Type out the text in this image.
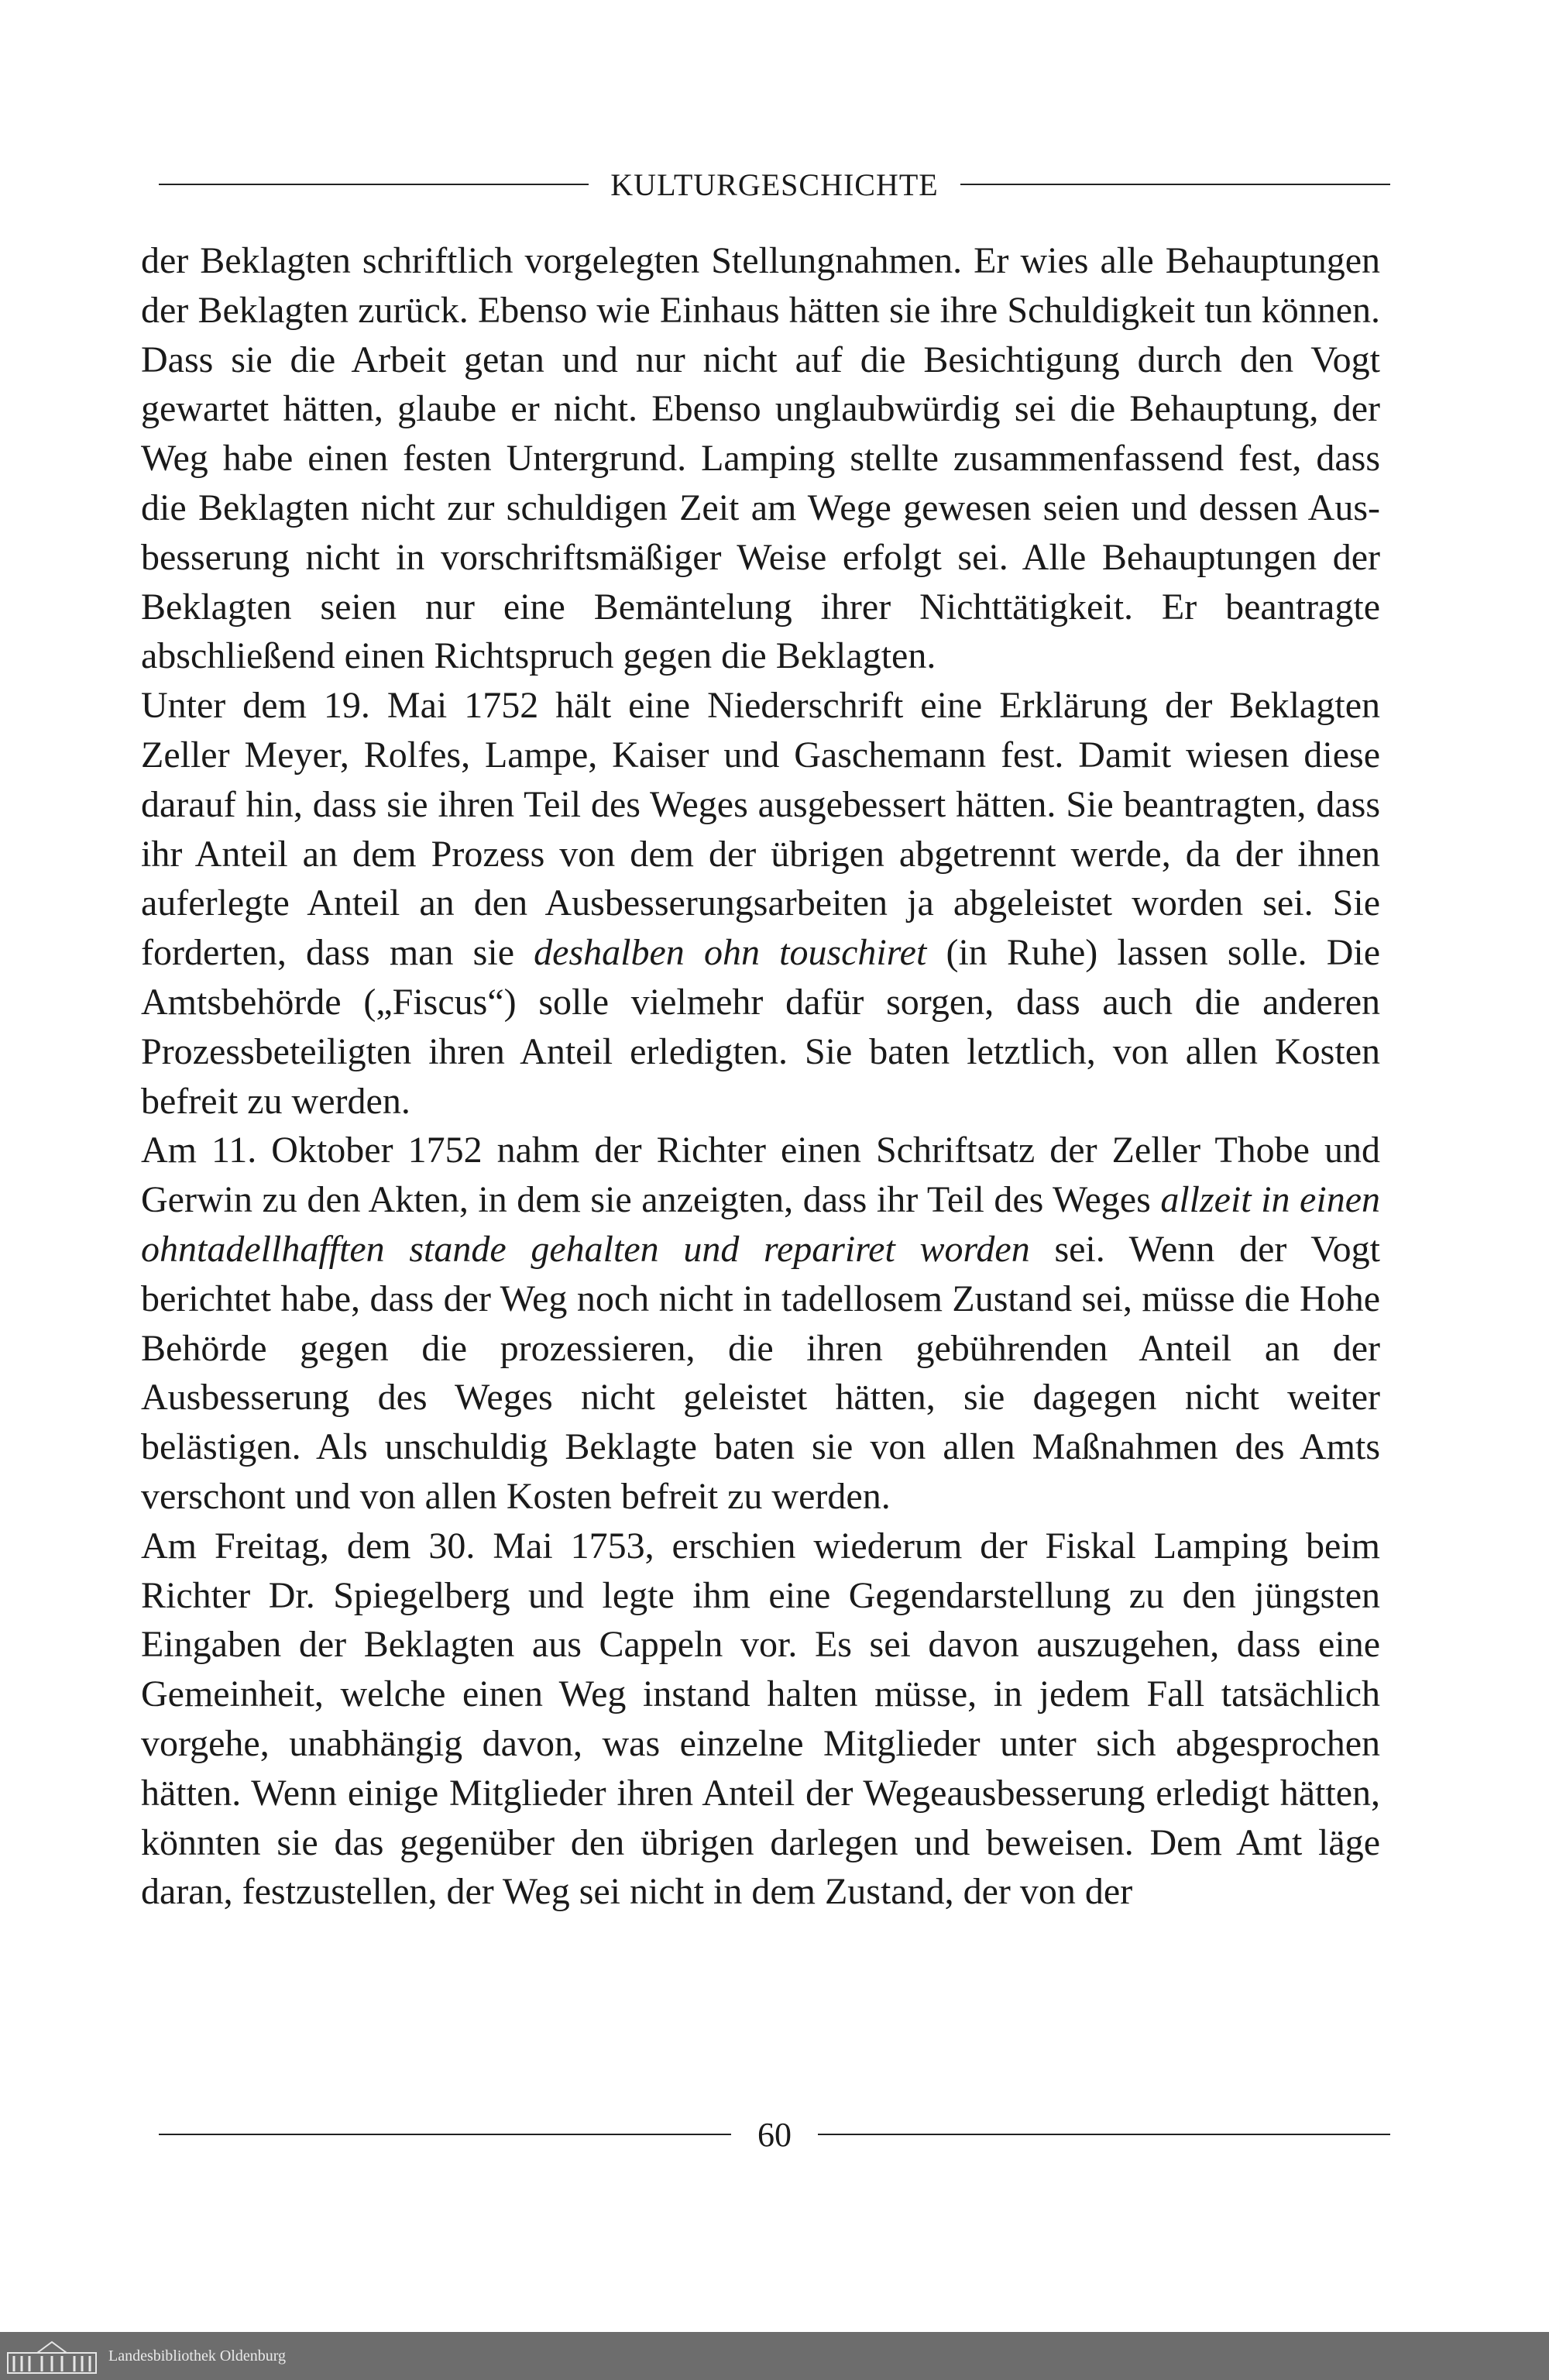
KULTURGESCHICHTE

der Beklagten schriftlich vorgelegten Stellungnahmen. Er wies alle Behauptungen der Beklagten zurück. Ebenso wie Einhaus hätten sie ihre Schuldigkeit tun können. Dass sie die Arbeit getan und nur nicht auf die Besichtigung durch den Vogt gewartet hätten, glaube er nicht. Ebenso unglaubwürdig sei die Behauptung, der Weg habe einen festen Untergrund. Lamping stellte zusammenfassend fest, dass die Beklagten nicht zur schuldigen Zeit am Wege gewesen seien und dessen Ausbesserung nicht in vorschriftsmäßiger Weise erfolgt sei. Alle Behauptungen der Beklagten seien nur eine Bemäntelung ihrer Nichttätigkeit. Er beantragte abschließend einen Richtspruch gegen die Beklagten.

Unter dem 19. Mai 1752 hält eine Niederschrift eine Erklärung der Beklagten Zeller Meyer, Rolfes, Lampe, Kaiser und Gaschemann fest. Damit wiesen diese darauf hin, dass sie ihren Teil des Weges ausgebessert hätten. Sie beantragten, dass ihr Anteil an dem Prozess von dem der übrigen abgetrennt werde, da der ihnen auferlegte Anteil an den Ausbesserungsarbeiten ja abgeleistet worden sei. Sie forderten, dass man sie deshalben ohn touschiret (in Ruhe) lassen solle. Die Amtsbehörde („Fiscus“) solle vielmehr dafür sorgen, dass auch die anderen Prozessbeteiligten ihren Anteil erledigten. Sie baten letztlich, von allen Kosten befreit zu werden.

Am 11. Oktober 1752 nahm der Richter einen Schriftsatz der Zeller Thobe und Gerwin zu den Akten, in dem sie anzeigten, dass ihr Teil des Weges allzeit in einen ohntadellhafften stande gehalten und repariret worden sei. Wenn der Vogt berichtet habe, dass der Weg noch nicht in tadellosem Zustand sei, müsse die Hohe Behörde gegen die prozessieren, die ihren gebührenden Anteil an der Ausbesserung des Weges nicht geleistet hätten, sie dagegen nicht weiter belästigen. Als unschuldig Beklagte baten sie von allen Maßnahmen des Amts verschont und von allen Kosten befreit zu werden.

Am Freitag, dem 30. Mai 1753, erschien wiederum der Fiskal Lamping beim Richter Dr. Spiegelberg und legte ihm eine Gegendarstellung zu den jüngsten Eingaben der Beklagten aus Cappeln vor. Es sei davon auszugehen, dass eine Gemeinheit, welche einen Weg instand halten müsse, in jedem Fall tatsächlich vorgehe, unabhängig davon, was einzelne Mitglieder unter sich abgesprochen hätten. Wenn einige Mitglieder ihren Anteil der Wegeausbesserung erledigt hätten, könnten sie das gegenüber den übrigen darlegen und beweisen. Dem Amt läge daran, festzustellen, der Weg sei nicht in dem Zustand, der von der

60
Landesbibliothek Oldenburg
